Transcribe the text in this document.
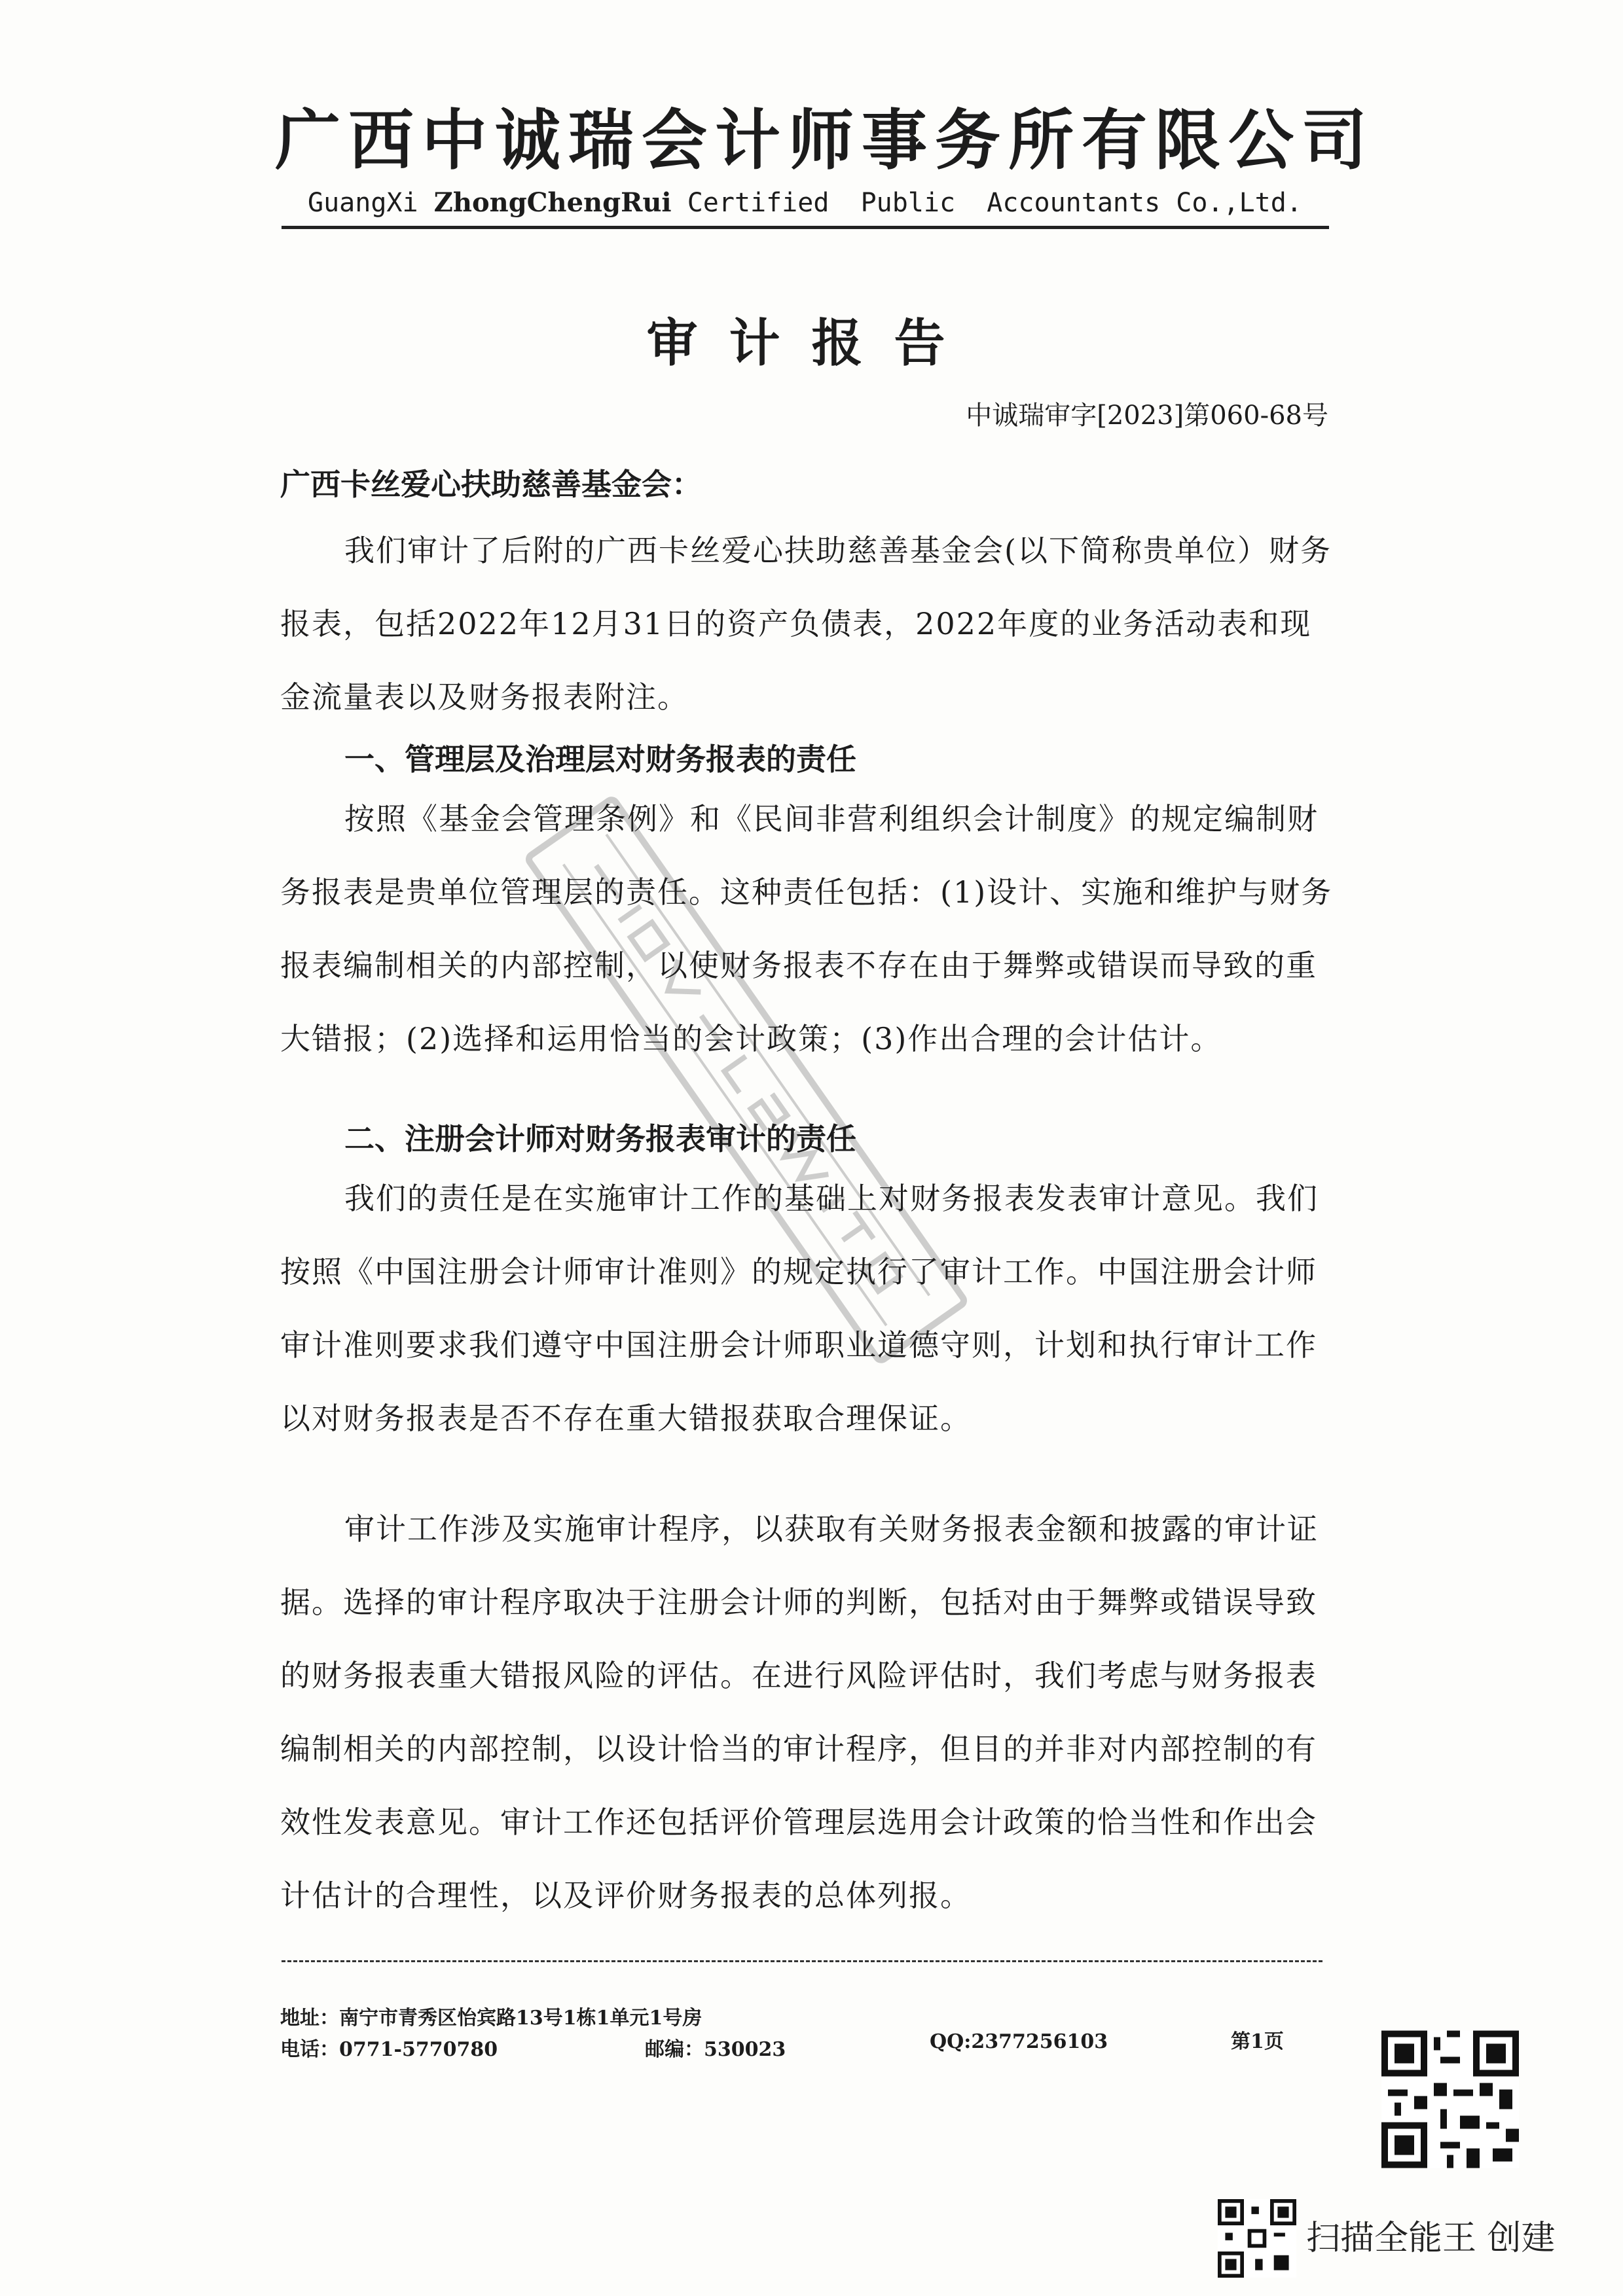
广西中诚瑞会计师事务所有限公司
GuangXi ZhongChengRui Certified  Public  Accountants Co.,Ltd.
审计报告
中诚瑞审字[2023]第060-68号
广西卡丝爱心扶助慈善基金会：

我们审计了后附的广西卡丝爱心扶助慈善基金会(以下简称贵单位）财务报表，包括2022年12月31日的资产负债表，2022年度的业务活动表和现金流量表以及财务报表附注。

一、管理层及治理层对财务报表的责任

按照《基金会管理条例》和《民间非营利组织会计制度》的规定编制财务报表是贵单位管理层的责任。这种责任包括：(1)设计、实施和维护与财务报表编制相关的内部控制，以使财务报表不存在由于舞弊或错误而导致的重大错报；(2)选择和运用恰当的会计政策；(3)作出合理的会计估计。

二、注册会计师对财务报表审计的责任

我们的责任是在实施审计工作的基础上对财务报表发表审计意见。我们按照《中国注册会计师审计准则》的规定执行了审计工作。中国注册会计师审计准则要求我们遵守中国注册会计师职业道德守则，计划和执行审计工作以对财务报表是否不存在重大错报获取合理保证。

审计工作涉及实施审计程序，以获取有关财务报表金额和披露的审计证据。选择的审计程序取决于注册会计师的判断，包括对由于舞弊或错误导致的财务报表重大错报风险的评估。在进行风险评估时，我们考虑与财务报表编制相关的内部控制，以设计恰当的审计程序，但目的并非对内部控制的有效性发表意见。审计工作还包括评价管理层选用会计政策的恰当性和作出会计估计的合理性，以及评价财务报表的总体列报。

地址：南宁市青秀区怡宾路13号1栋1单元1号房
电话：0771-5770780	邮编：530023	QQ:2377256103	第1页
扫描全能王 创建
